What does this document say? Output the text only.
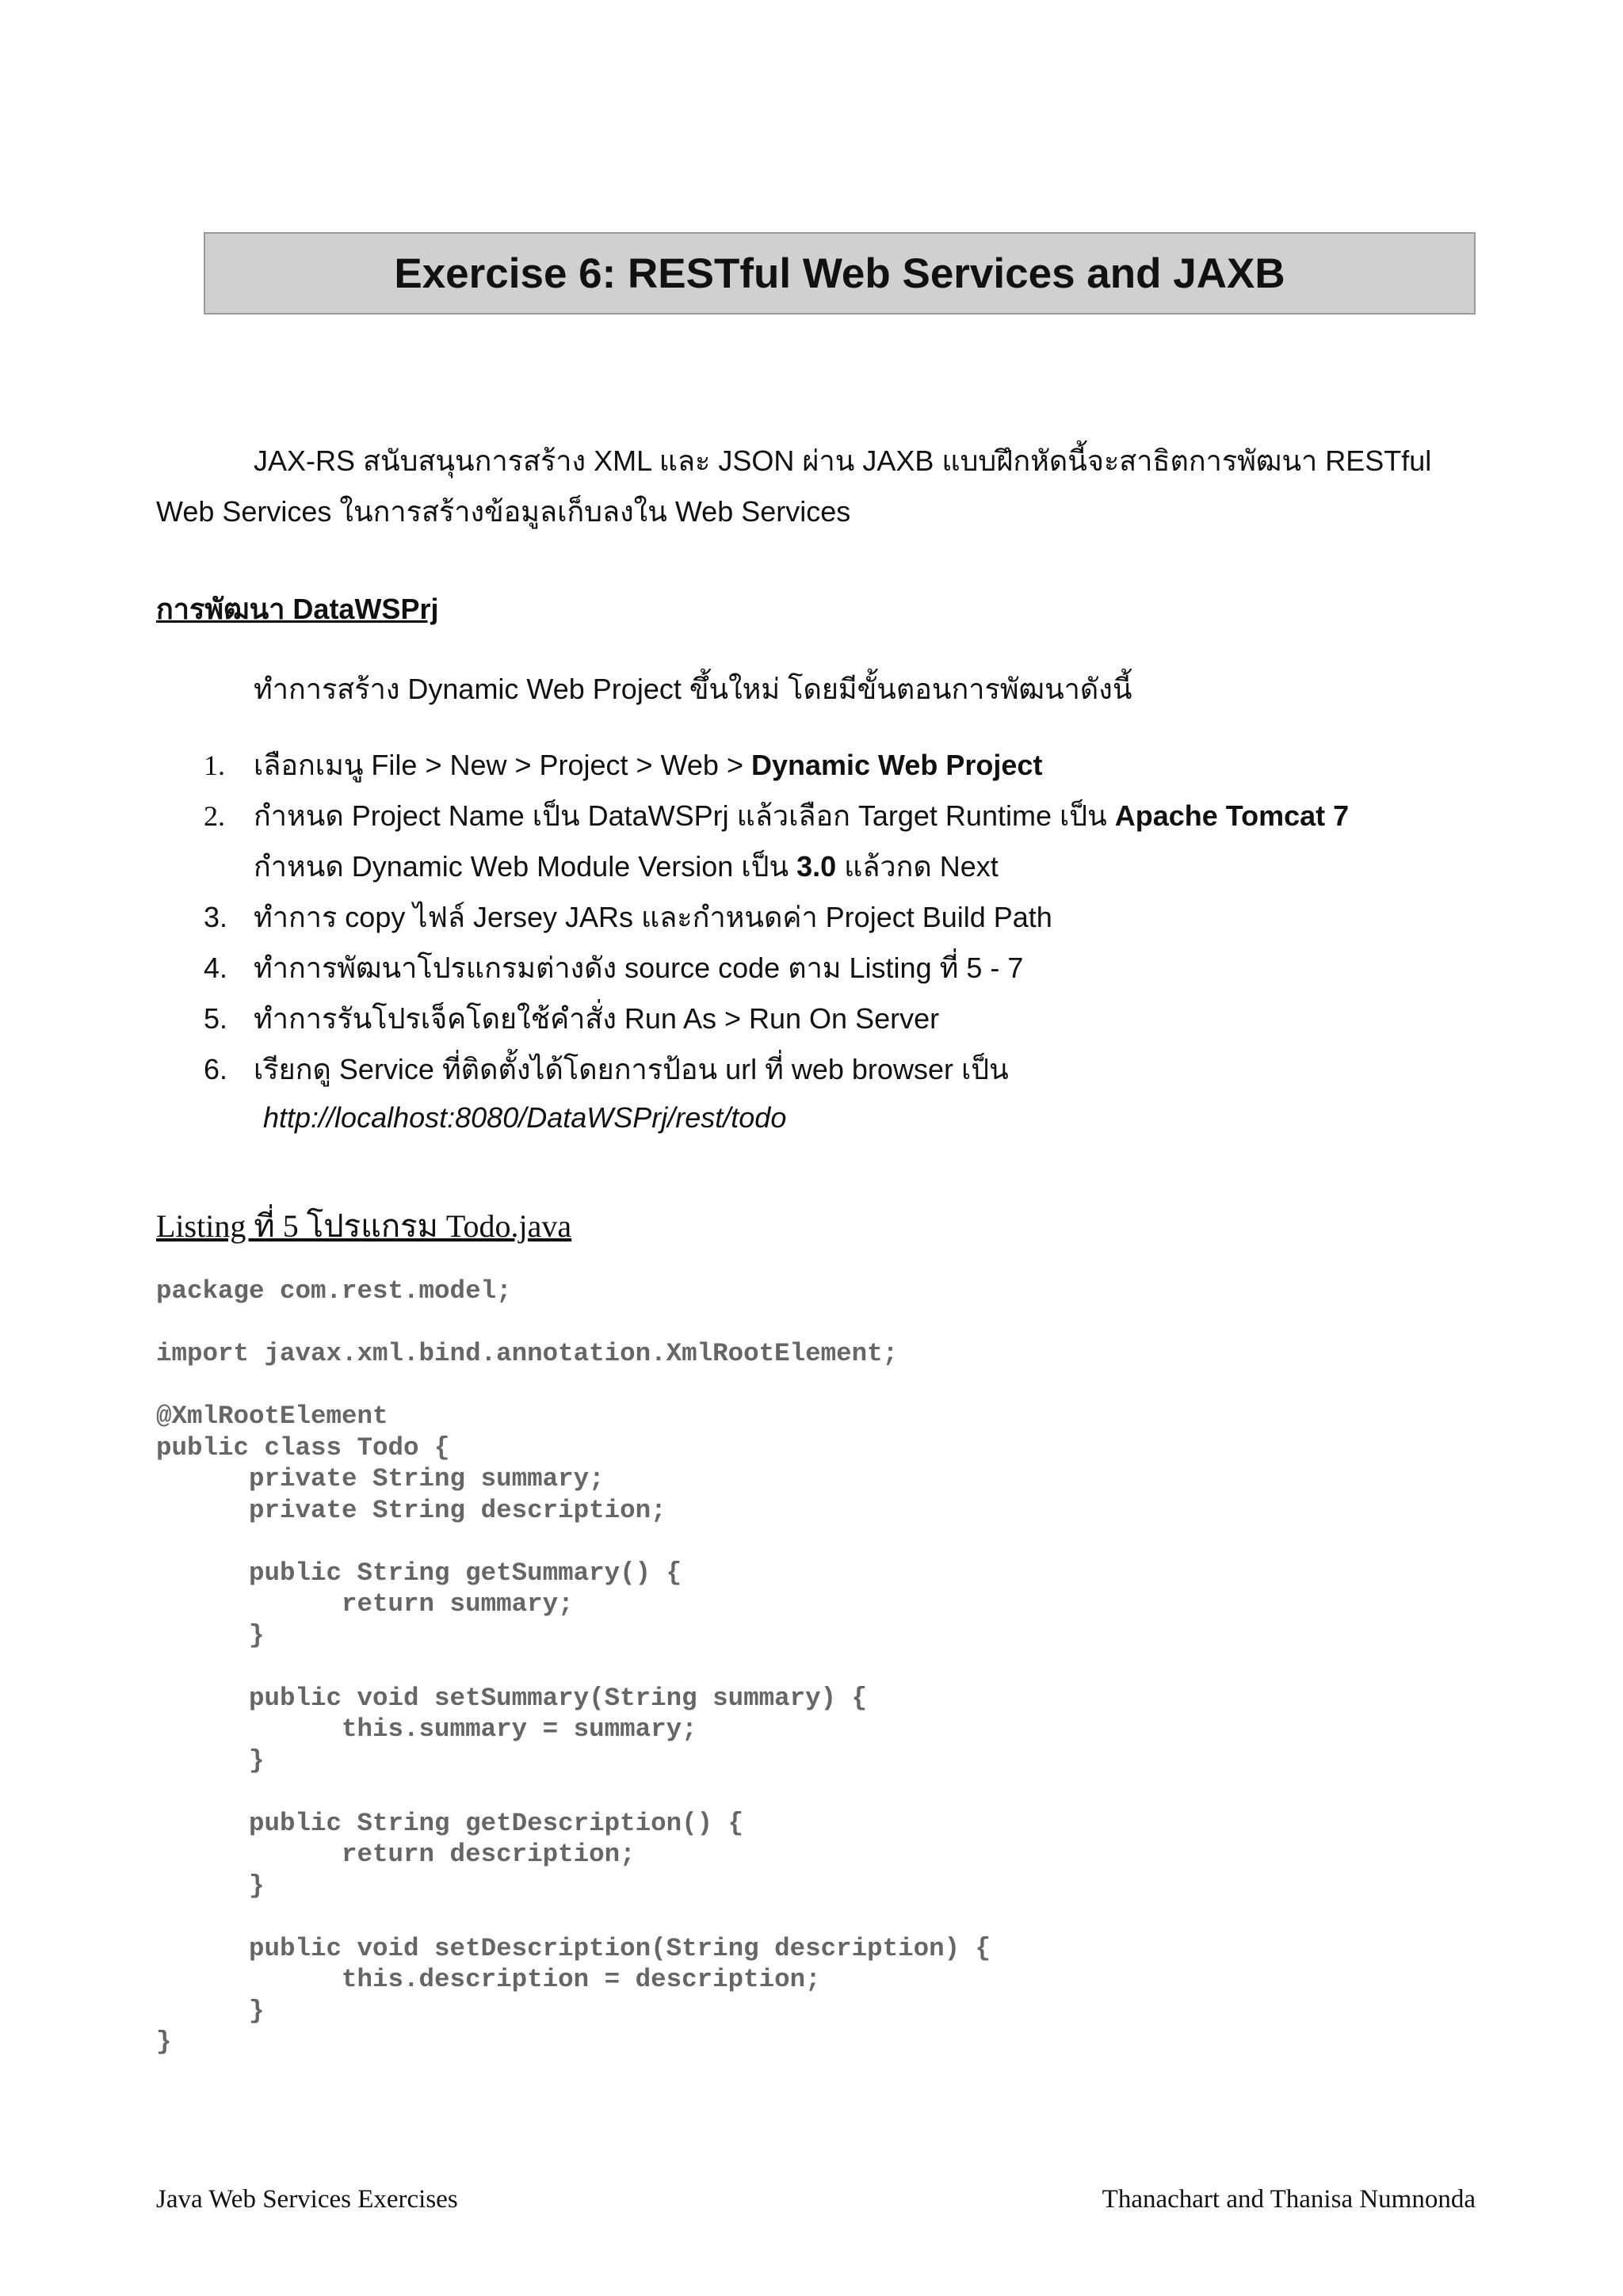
Exercise 6: RESTful Web Services and JAXB
JAX-RS สนับสนุนการสร้าง XML และ JSON ผ่าน JAXB แบบฝึกหัดนี้จะสาธิตการพัฒนา RESTful
Web Services ในการสร้างข้อมูลเก็บลงใน Web Services
การพัฒนา DataWSPrj
ทำการสร้าง Dynamic Web Project ขึ้นใหม่ โดยมีขั้นตอนการพัฒนาดังนี้
1.	เลือกเมนู File > New > Project > Web > Dynamic Web Project
2.	กำหนด Project Name เป็น DataWSPrj แล้วเลือก Target Runtime เป็น Apache Tomcat 7
กำหนด Dynamic Web Module Version เป็น 3.0 แล้วกด Next
3. ทำการ copy ไฟล์ Jersey JARs และกำหนดค่า Project Build Path
4. ทำการพัฒนาโปรแกรมต่างดัง source code ตาม Listing ที่ 5 - 7
5. ทำการรันโปรเจ็คโดยใช้คำสั่ง Run As > Run On Server
6. เรียกดู Service ที่ติดตั้งได้โดยการป้อน url ที่ web browser เป็น
http://localhost:8080/DataWSPrj/rest/todo
Listing ที่ 5 โปรแกรม Todo.java
package com.rest.model;

import javax.xml.bind.annotation.XmlRootElement;

@XmlRootElement
public class Todo {
private String summary;
private String description;

public String getSummary() {
return summary;
}

public void setSummary(String summary) {
this.summary = summary;
}

public String getDescription() {
return description;
}

public void setDescription(String description) {
this.description = description;
}
}
Java Web Services Exercises	Thanachart and Thanisa Numnonda
